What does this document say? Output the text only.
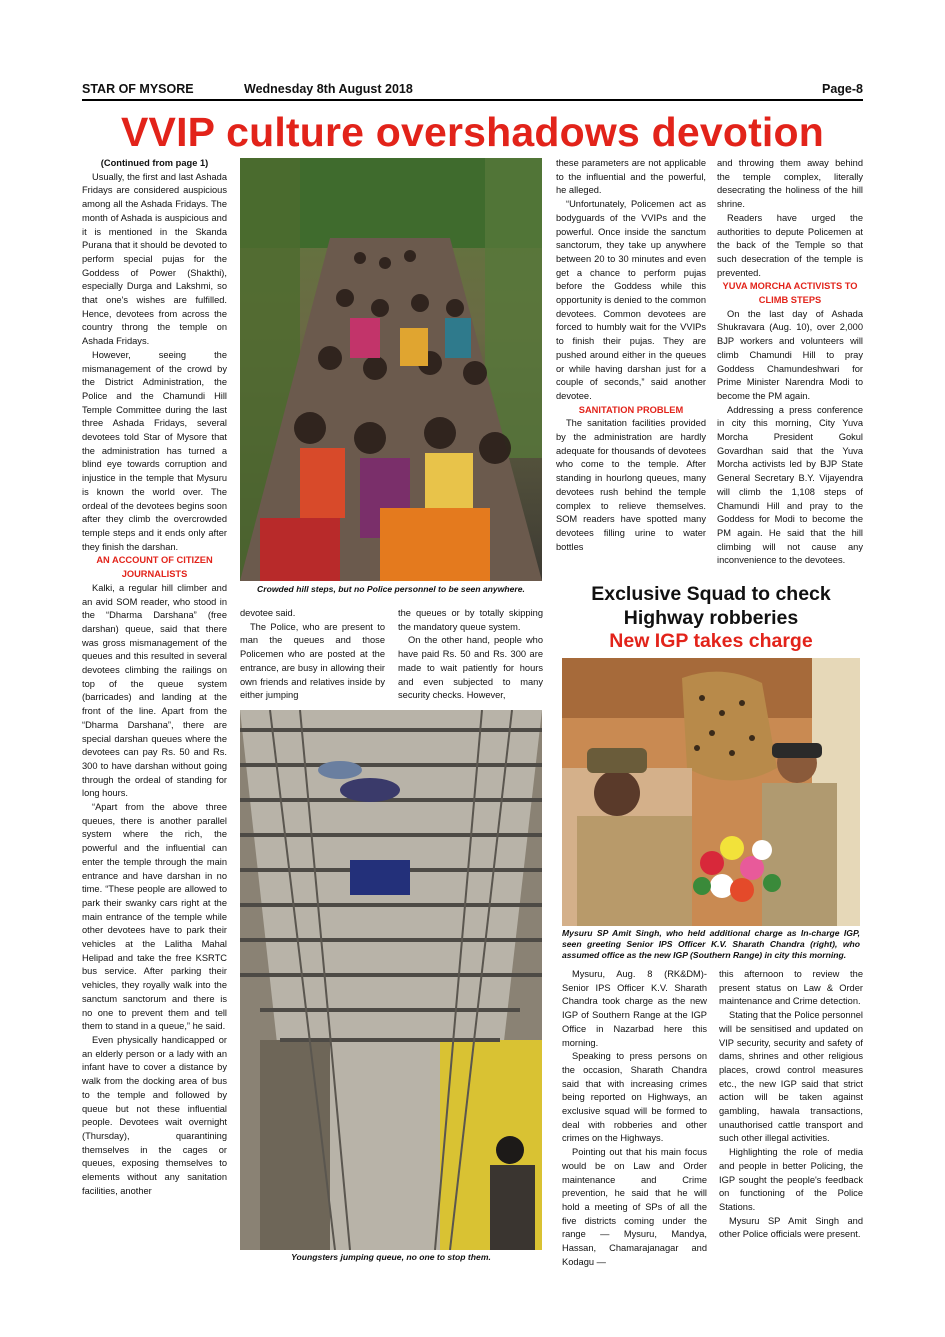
STAR OF MYSORE	Wednesday 8th August 2018	Page-8
VVIP culture overshadows devotion

(Continued from page 1)

Usually, the first and last Ashada Fridays are considered auspicious among all the Ashada Fridays. The month of Ashada is auspicious and it is mentioned in the Skanda Purana that it should be devoted to perform special pujas for the Goddess of Power (Shakthi), especially Durga and Lakshmi, so that one's wishes are fulfilled. Hence, devotees from across the country throng the temple on Ashada Fridays.

However, seeing the mismanagement of the crowd by the District Administration, the Police and the Chamundi Hill Temple Committee during the last three Ashada Fridays, several devotees told Star of Mysore that the administration has turned a blind eye towards corruption and injustice in the temple that Mysuru is known the world over. The ordeal of the devotees begins soon after they climb the overcrowded temple steps and it ends only after they finish the darshan.

AN ACCOUNT OF CITIZEN JOURNALISTS

Kalki, a regular hill climber and an avid SOM reader, who stood in the “Dharma Darshana” (free darshan) queue, said that there was gross mismanagement of the queues and this resulted in several devotees climbing the railings on top of the queue system (barricades) and landing at the front of the line. Apart from the “Dharma Darshana”, there are special darshan queues where the devotees can pay Rs. 50 and Rs. 300 to have darshan without going through the ordeal of standing for long hours.

“Apart from the above three queues, there is another parallel system where the rich, the powerful and the influential can enter the temple through the main entrance and have darshan in no time. “These people are allowed to park their swanky cars right at the main entrance of the temple while other devotees have to park their vehicles at the Lalitha Mahal Helipad and take the free KSRTC bus service. After parking their vehicles, they royally walk into the sanctum sanctorum and there is no one to prevent them and tell them to stand in a queue,” he said.

Even physically handicapped or an elderly person or a lady with an infant have to cover a distance by walk from the docking area of bus to the temple and followed by queue but not these influential people. Devotees wait overnight (Thursday), quarantining themselves in the cages or queues, exposing themselves to elements without any sanitation facilities, another

Crowded hill steps, but no Police personnel to be seen anywhere.

devotee said.

The Police, who are present to man the queues and those Policemen who are posted at the entrance, are busy in allowing their own friends and relatives inside by either jumping

the queues or by totally skipping the mandatory queue system.

On the other hand, people who have paid Rs. 50 and Rs. 300 are made to wait patiently for hours and even subjected to many security checks. However,

Youngsters jumping queue, no one to stop them.

these parameters are not applicable to the influential and the powerful, he alleged.

“Unfortunately, Policemen act as bodyguards of the VVIPs and the powerful. Once inside the sanctum sanctorum, they take up anywhere between 20 to 30 minutes and even get a chance to perform pujas before the Goddess while this opportunity is denied to the common devotees. Common devotees are forced to humbly wait for the VVIPs to finish their pujas. They are pushed around either in the queues or while having darshan just for a couple of seconds,” said another devotee.

SANITATION PROBLEM

The sanitation facilities provided by the administration are hardly adequate for thousands of devotees who come to the temple. After standing in hourlong queues, many devotees rush behind the temple complex to relieve themselves. SOM readers have spotted many devotees filling urine to water bottles

and throwing them away behind the temple complex, literally desecrating the holiness of the hill shrine.

Readers have urged the authorities to depute Policemen at the back of the Temple so that such desecration of the temple is prevented.

YUVA MORCHA ACTIVISTS TO CLIMB STEPS

On the last day of Ashada Shukravara (Aug. 10), over 2,000 BJP workers and volunteers will climb Chamundi Hill to pray Goddess Chamundeshwari for Prime Minister Narendra Modi to become the PM again.

Addressing a press conference in city this morning, City Yuva Morcha President Gokul Govardhan said that the Yuva Morcha activists led by BJP State General Secretary B.Y. Vijayendra will climb the 1,108 steps of Chamundi Hill and pray to the Goddess for Modi to become the PM again. He said that the hill climbing will not cause any inconvenience to the devotees.

Exclusive Squad to check
Highway robberies
New IGP takes charge
Mysuru SP Amit Singh, who held additional charge as In-charge IGP, seen greeting Senior IPS Officer K.V. Sharath Chandra (right), who assumed office as the new IGP (Southern Range) in city this morning.

Mysuru, Aug. 8 (RK&DM)- Senior IPS Officer K.V. Sharath Chandra took charge as the new IGP of Southern Range at the IGP Office in Nazarbad here this morning.

Speaking to press persons on the occasion, Sharath Chandra said that with increasing crimes being reported on Highways, an exclusive squad will be formed to deal with robberies and other crimes on the Highways.

Pointing out that his main focus would be on Law and Order maintenance and Crime prevention, he said that he will hold a meeting of SPs of all the five districts coming under the range — Mysuru, Mandya, Hassan, Chamarajanagar and Kodagu —

this afternoon to review the present status on Law & Order maintenance and Crime detection.

Stating that the Police personnel will be sensitised and updated on VIP security, security and safety of dams, shrines and other religious places, crowd control measures etc., the new IGP said that strict action will be taken against gambling, hawala transactions, unauthorised cattle transport and such other illegal activities.

Highlighting the role of media and people in better Policing, the IGP sought the people's feedback on functioning of the Police Stations.

Mysuru SP Amit Singh and other Police officials were present.
